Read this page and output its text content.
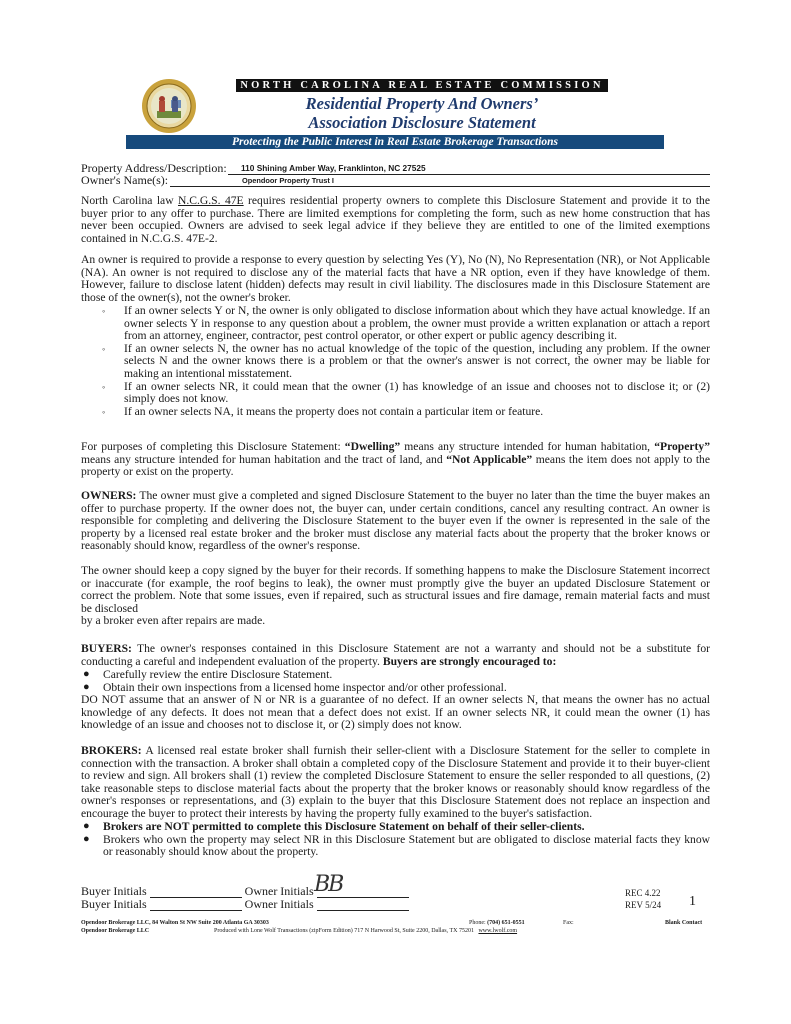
NORTH CAROLINA REAL ESTATE COMMISSION
Residential Property And Owners’
Association Disclosure Statement
Protecting the Public Interest in Real Estate Brokerage Transactions
Property Address/Description: 110 Shining Amber Way, Franklinton, NC 27525
Owner's Name(s):	Opendoor Property Trust I

North Carolina law N.C.G.S. 47E requires residential property owners to complete this Disclosure Statement and provide it to the buyer prior to any offer to purchase. There are limited exemptions for completing the form, such as new home construction that has never been occupied. Owners are advised to seek legal advice if they believe they are entitled to one of the limited exemptions contained in N.C.G.S. 47E-2.

An owner is required to provide a response to every question by selecting Yes (Y), No (N), No Representation (NR), or Not Applicable (NA). An owner is not required to disclose any of the material facts that have a NR option, even if they have knowledge of them. However, failure to disclose latent (hidden) defects may result in civil liability. The disclosures made in this Disclosure Statement are those of the owner(s), not the owner's broker.

◦ If an owner selects Y or N, the owner is only obligated to disclose information about which they have actual knowledge. If an owner selects Y in response to any question about a problem, the owner must provide a written explanation or attach a report from an attorney, engineer, contractor, pest control operator, or other expert or public agency describing it.
◦ If an owner selects N, the owner has no actual knowledge of the topic of the question, including any problem. If the owner selects N and the owner knows there is a problem or that the owner's answer is not correct, the owner may be liable for making an intentional misstatement.
◦ If an owner selects NR, it could mean that the owner (1) has knowledge of an issue and chooses not to disclose it; or (2) simply does not know.
◦ If an owner selects NA, it means the property does not contain a particular item or feature.

For purposes of completing this Disclosure Statement: “Dwelling” means any structure intended for human habitation, “Property” means any structure intended for human habitation and the tract of land, and “Not Applicable” means the item does not apply to the property or exist on the property.

OWNERS: The owner must give a completed and signed Disclosure Statement to the buyer no later than the time the buyer makes an offer to purchase property. If the owner does not, the buyer can, under certain conditions, cancel any resulting contract. An owner is responsible for completing and delivering the Disclosure Statement to the buyer even if the owner is represented in the sale of the property by a licensed real estate broker and the broker must disclose any material facts about the property that the broker knows or reasonably should know, regardless of the owner's response.

The owner should keep a copy signed by the buyer for their records. If something happens to make the Disclosure Statement incorrect or inaccurate (for example, the roof begins to leak), the owner must promptly give the buyer an updated Disclosure Statement or correct the problem. Note that some issues, even if repaired, such as structural issues and fire damage, remain material facts and must be disclosed
by a broker even after repairs are made.

BUYERS: The owner's responses contained in this Disclosure Statement are not a warranty and should not be a substitute for conducting a careful and independent evaluation of the property. Buyers are strongly encouraged to:

● Carefully review the entire Disclosure Statement.
● Obtain their own inspections from a licensed home inspector and/or other professional.

DO NOT assume that an answer of N or NR is a guarantee of no defect. If an owner selects N, that means the owner has no actual knowledge of any defects. It does not mean that a defect does not exist. If an owner selects NR, it could mean the owner (1) has knowledge of an issue and chooses not to disclose it, or (2) simply does not know.

BROKERS: A licensed real estate broker shall furnish their seller-client with a Disclosure Statement for the seller to complete in connection with the transaction. A broker shall obtain a completed copy of the Disclosure Statement and provide it to their buyer-client to review and sign. All brokers shall (1) review the completed Disclosure Statement to ensure the seller responded to all questions, (2) take reasonable steps to disclose material facts about the property that the broker knows or reasonably should know regardless of the owner's responses or representations, and (3) explain to the buyer that this Disclosure Statement does not replace an inspection and encourage the buyer to protect their interests by having the property fully examined to the buyer's satisfaction.

● Brokers are NOT permitted to complete this Disclosure Statement on behalf of their seller-clients.
● Brokers who own the property may select NR in this Disclosure Statement but are obligated to disclose material facts they know or reasonably should know about the property.
Buyer Initials	Owner Initials
Buyer Initials	Owner Initials
BB	REC 4.22
REV 5/24 1
Opendoor Brokerage LLC, 84 Walton St NW Suite 200 Atlanta GA 30303	Phone: (704) 651-0551	Fax:	Blank Contact
Opendoor Brokerage LLC	Produced with Lone Wolf Transactions (zipForm Edition) 717 N Harwood St, Suite 2200, Dallas, TX 75201 www.lwolf.com
